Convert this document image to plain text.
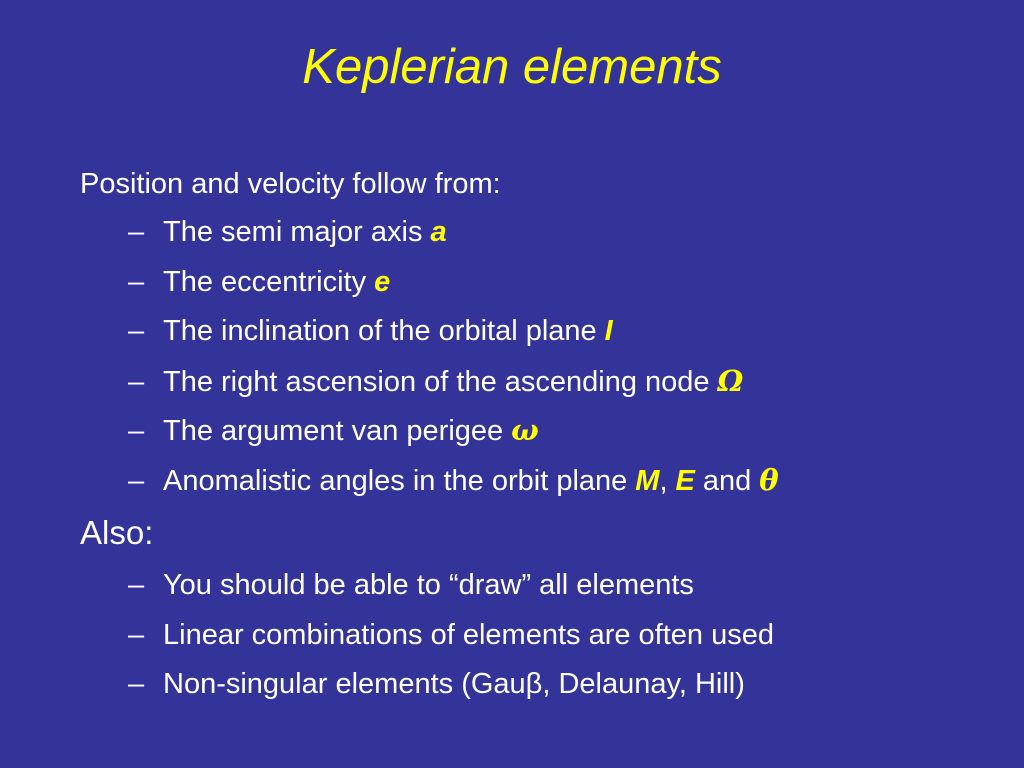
Keplerian elements
Position and velocity follow from:
– The semi major axis a
– The eccentricity e
– The inclination of the orbital plane I
– The right ascension of the ascending node Ω
– The argument van perigee ω
– Anomalistic angles in the orbit plane M, E and θ
Also:
– You should be able to “draw” all elements
– Linear combinations of elements are often used
– Non-singular elements (Gauβ, Delaunay, Hill)
